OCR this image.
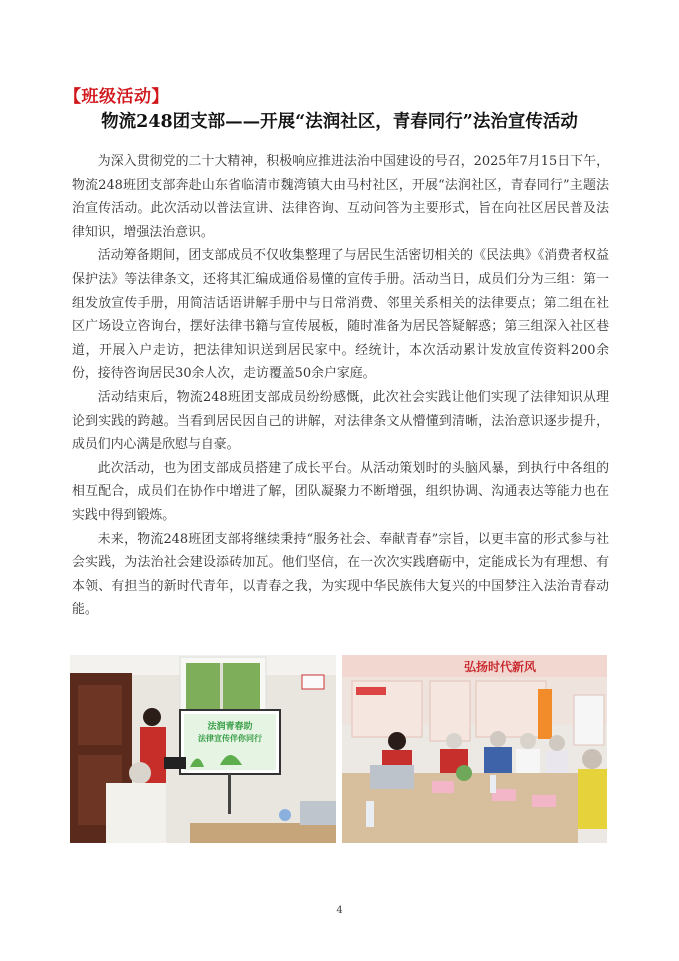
【班级活动】
物流248团支部——开展“法润社区，青春同行”法治宣传活动

为深入贯彻党的二十大精神，积极响应推进法治中国建设的号召，2025年7月15日下午，物流248班团支部奔赴山东省临清市魏湾镇大由马村社区，开展“法润社区，青春同行”主题法治宣传活动。此次活动以普法宣讲、法律咨询、互动问答为主要形式，旨在向社区居民普及法律知识，增强法治意识。

活动筹备期间，团支部成员不仅收集整理了与居民生活密切相关的《民法典》《消费者权益保护法》等法律条文，还将其汇编成通俗易懂的宣传手册。活动当日，成员们分为三组：第一组发放宣传手册，用简洁话语讲解手册中与日常消费、邻里关系相关的法律要点；第二组在社区广场设立咨询台，摆好法律书籍与宣传展板，随时准备为居民答疑解惑；第三组深入社区巷道，开展入户走访，把法律知识送到居民家中。经统计，本次活动累计发放宣传资料200余份，接待咨询居民30余人次，走访覆盖50余户家庭。

活动结束后，物流248班团支部成员纷纷感慨，此次社会实践让他们实现了法律知识从理论到实践的跨越。当看到居民因自己的讲解，对法律条文从懵懂到清晰，法治意识逐步提升，成员们内心满是欣慰与自豪。

此次活动，也为团支部成员搭建了成长平台。从活动策划时的头脑风暴，到执行中各组的相互配合，成员们在协作中增进了解，团队凝聚力不断增强，组织协调、沟通表达等能力也在实践中得到锻炼。

未来，物流248班团支部将继续秉持“服务社会、奉献青春”宗旨，以更丰富的形式参与社会实践，为法治社会建设添砖加瓦。他们坚信，在一次次实践磨砺中，定能成长为有理想、有本领、有担当的新时代青年，以青春之我，为实现中华民族伟大复兴的中国梦注入法治青春动能。

法润青春助
法律宣传伴你同行
弘扬时代新风
4
